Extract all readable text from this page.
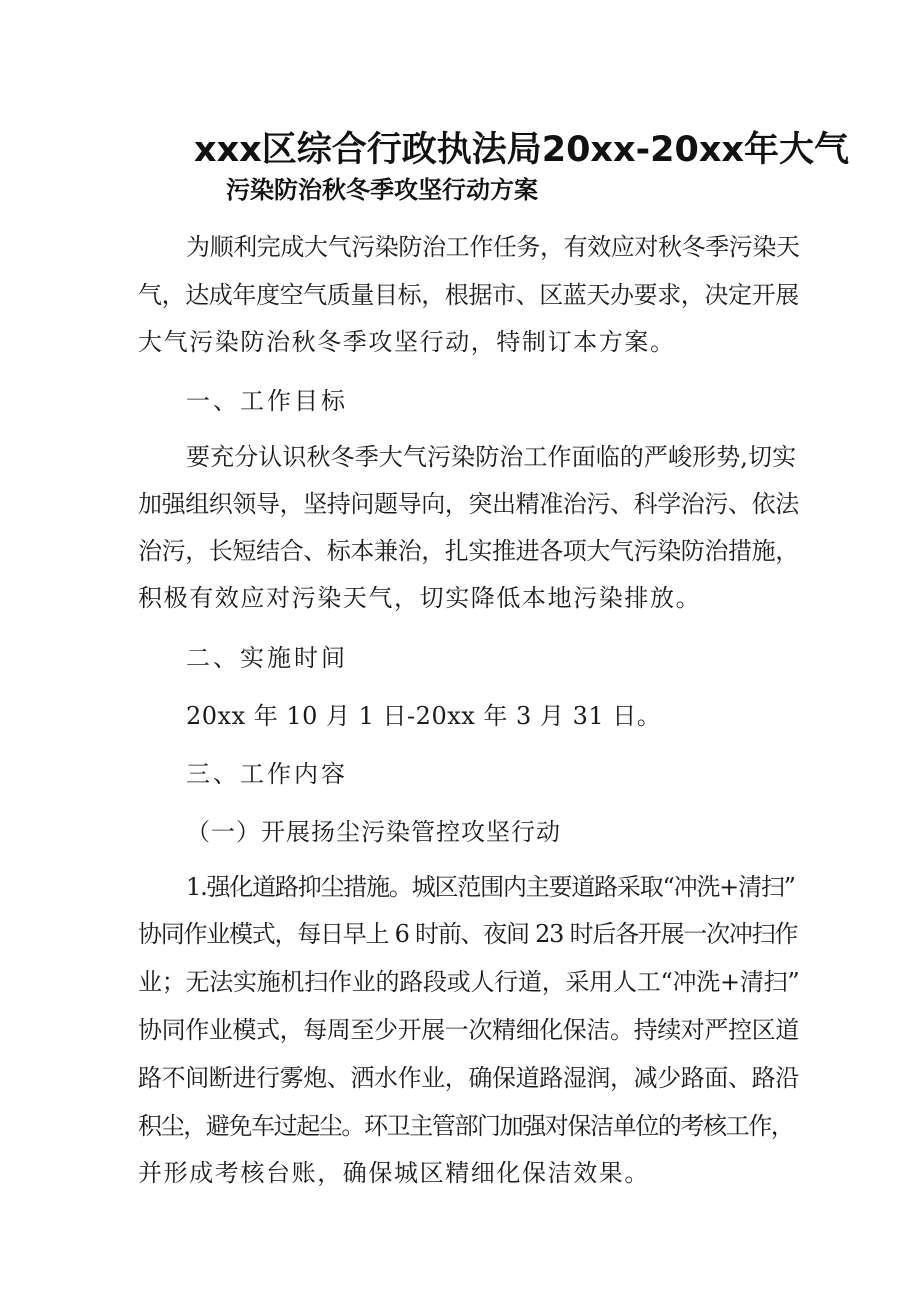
xxx区综合行政执法局20xx-20xx年大气
污染防治秋冬季攻坚行动方案
为顺利完成大气污染防治工作任务，有效应对秋冬季污染天
气，达成年度空气质量目标，根据市、区蓝天办要求，决定开展
大气污染防治秋冬季攻坚行动，特制订本方案。
一、工作目标
要充分认识秋冬季大气污染防治工作面临的严峻形势,切实
加强组织领导，坚持问题导向，突出精准治污、科学治污、依法
治污，长短结合、标本兼治，扎实推进各项大气污染防治措施，
积极有效应对污染天气，切实降低本地污染排放。
二、实施时间
20xx 年 10 月 1 日-20xx 年 3 月 31 日。
三、工作内容
（一）开展扬尘污染管控攻坚行动
1.强化道路抑尘措施。城区范围内主要道路采取“冲洗+清扫”
协同作业模式，每日早上 6 时前、夜间 23 时后各开展一次冲扫作
业；无法实施机扫作业的路段或人行道，采用人工“冲洗+清扫”
协同作业模式，每周至少开展一次精细化保洁。持续对严控区道
路不间断进行雾炮、洒水作业，确保道路湿润，减少路面、路沿
积尘，避免车过起尘。环卫主管部门加强对保洁单位的考核工作，
并形成考核台账，确保城区精细化保洁效果。
